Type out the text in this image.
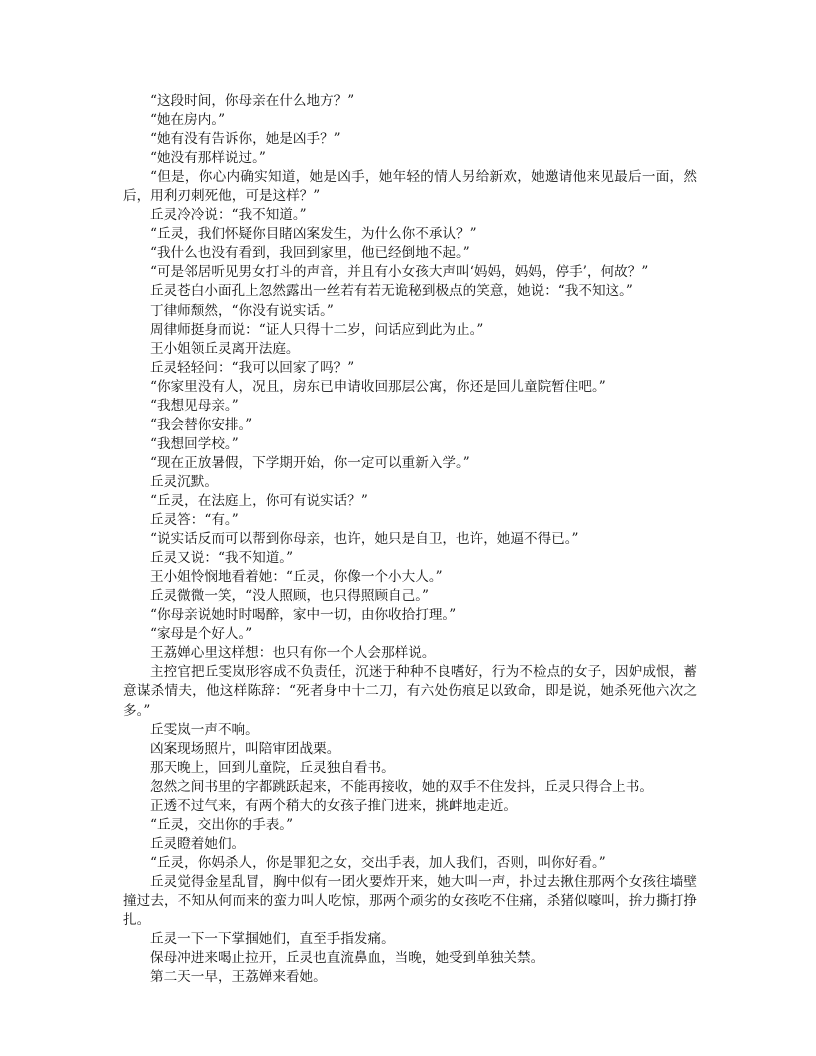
“这段时间，你母亲在什么地方？”

“她在房内。”

“她有没有告诉你，她是凶手？”

“她没有那样说过。”

“但是，你心内确实知道，她是凶手，她年轻的情人另给新欢，她邀请他来见最后一面，然后，用利刃刺死他，可是这样？”

丘灵冷冷说：“我不知道。”

“丘灵，我们怀疑你目睹凶案发生，为什么你不承认？”

“我什么也没有看到，我回到家里，他已经倒地不起。”

“可是邻居听见男女打斗的声音，并且有小女孩大声叫‘妈妈，妈妈，停手’，何故？”

丘灵苍白小面孔上忽然露出一丝若有若无诡秘到极点的笑意，她说：“我不知这。”

丁律师颓然，“你没有说实话。”

周律师挺身而说：“证人只得十二岁，问话应到此为止。”

王小姐领丘灵离开法庭。

丘灵轻轻问：“我可以回家了吗？”

“你家里没有人，况且，房东已申请收回那层公寓，你还是回儿童院暂住吧。”

“我想见母亲。”

“我会替你安排。”

“我想回学校。”

“现在正放暑假，下学期开始，你一定可以重新入学。”

丘灵沉默。

“丘灵，在法庭上，你可有说实话？”

丘灵答：“有。”

“说实话反而可以帮到你母亲，也许，她只是自卫，也许，她逼不得已。”

丘灵又说：“我不知道。”

王小姐怜悯地看着她：“丘灵，你像一个小大人。”

丘灵微微一笑，“没人照顾，也只得照顾自己。”

“你母亲说她时时喝醉，家中一切，由你收拾打理。”

“家母是个好人。”

王荔婵心里这样想：也只有你一个人会那样说。

主控官把丘雯岚形容成不负责任，沉迷于种种不良嗜好，行为不检点的女子，因妒成恨，蓄意谋杀情夫，他这样陈辞：“死者身中十二刀，有六处伤痕足以致命，即是说，她杀死他六次之多。”

丘雯岚一声不响。

凶案现场照片，叫陪审团战栗。

那天晚上，回到儿童院，丘灵独自看书。

忽然之间书里的字都跳跃起来，不能再接收，她的双手不住发抖，丘灵只得合上书。

正透不过气来，有两个稍大的女孩子推门进来，挑衅地走近。

“丘灵，交出你的手表。”

丘灵瞪着她们。

“丘灵，你妈杀人，你是罪犯之女，交出手表，加人我们，否则，叫你好看。”

丘灵觉得金星乱冒，胸中似有一团火要炸开来，她大叫一声，扑过去揪住那两个女孩往墙壁撞过去，不知从何而来的蛮力叫人吃惊，那两个顽劣的女孩吃不住痛，杀猪似嚎叫，拚力撕打挣扎。

丘灵一下一下掌掴她们，直至手指发痛。

保母冲进来喝止拉开，丘灵也直流鼻血，当晚，她受到单独关禁。

第二天一早，王荔婵来看她。
